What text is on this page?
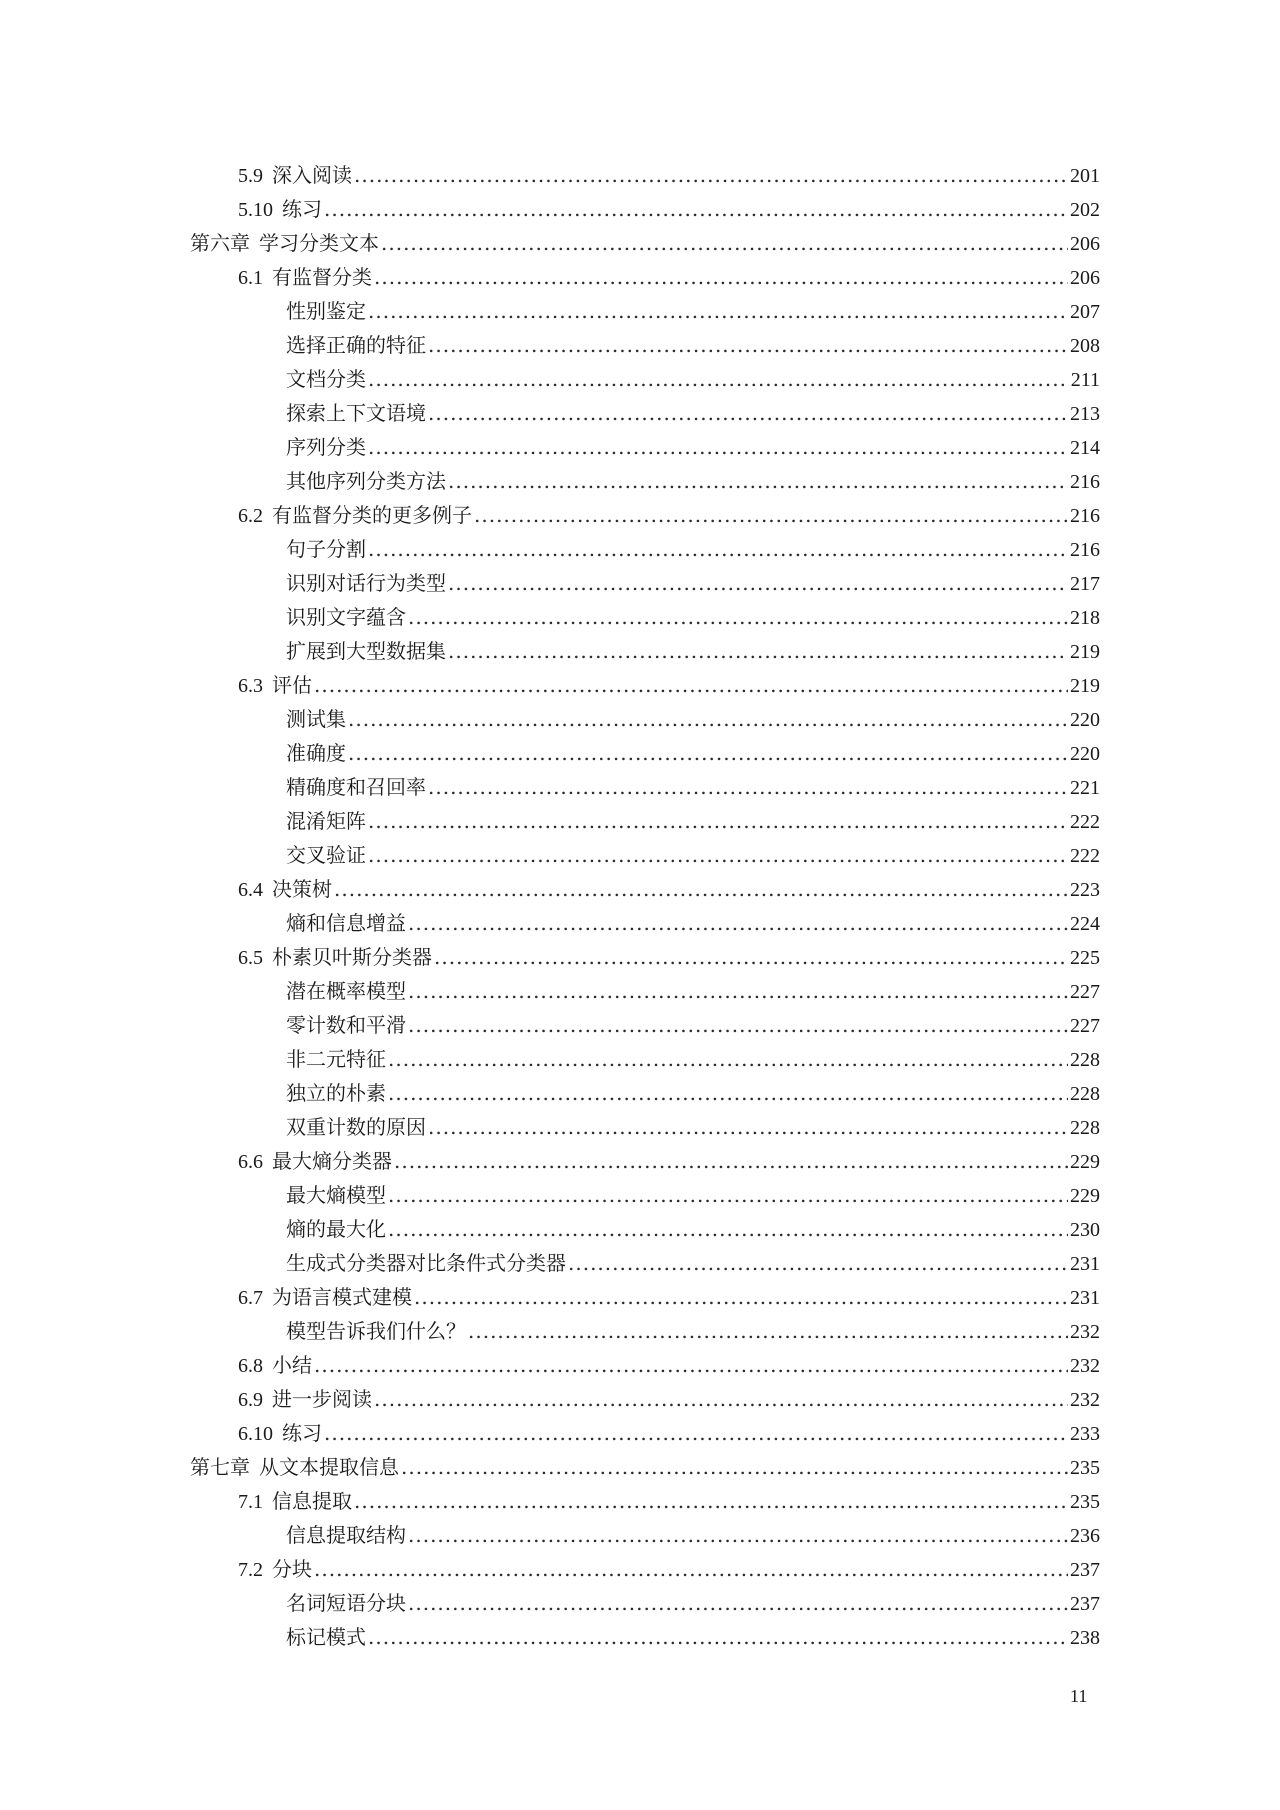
5.9 深入阅读 .....	201
5.10 练习 .....	202
第六章 学习分类文本 .....	206
6.1 有监督分类 .....	206
性别鉴定 .....	207
选择正确的特征 .....	208
文档分类 .....	211
探索上下文语境 .....	213
序列分类 .....	214
其他序列分类方法 .....	216
6.2 有监督分类的更多例子 .....	216
句子分割 .....	216
识别对话行为类型 .....	217
识别文字蕴含 .....	218
扩展到大型数据集 .....	219
6.3 评估 .....	219
测试集 .....	220
准确度 .....	220
精确度和召回率 .....	221
混淆矩阵 .....	222
交叉验证 .....	222
6.4 决策树 .....	223
熵和信息增益 .....	224
6.5 朴素贝叶斯分类器 .....	225
潜在概率模型 .....	227
零计数和平滑 .....	227
非二元特征 .....	228
独立的朴素 .....	228
双重计数的原因 .....	228
6.6 最大熵分类器 .....	229
最大熵模型 .....	229
熵的最大化 .....	230
生成式分类器对比条件式分类器 .....	231
6.7 为语言模式建模 .....	231
模型告诉我们什么？ .....	232
6.8 小结 .....	232
6.9 进一步阅读 .....	232
6.10 练习 .....	233
第七章 从文本提取信息 .....	235
7.1 信息提取 .....	235
信息提取结构 .....	236
7.2 分块 .....	237
名词短语分块 .....	237
标记模式 .....	238
11
